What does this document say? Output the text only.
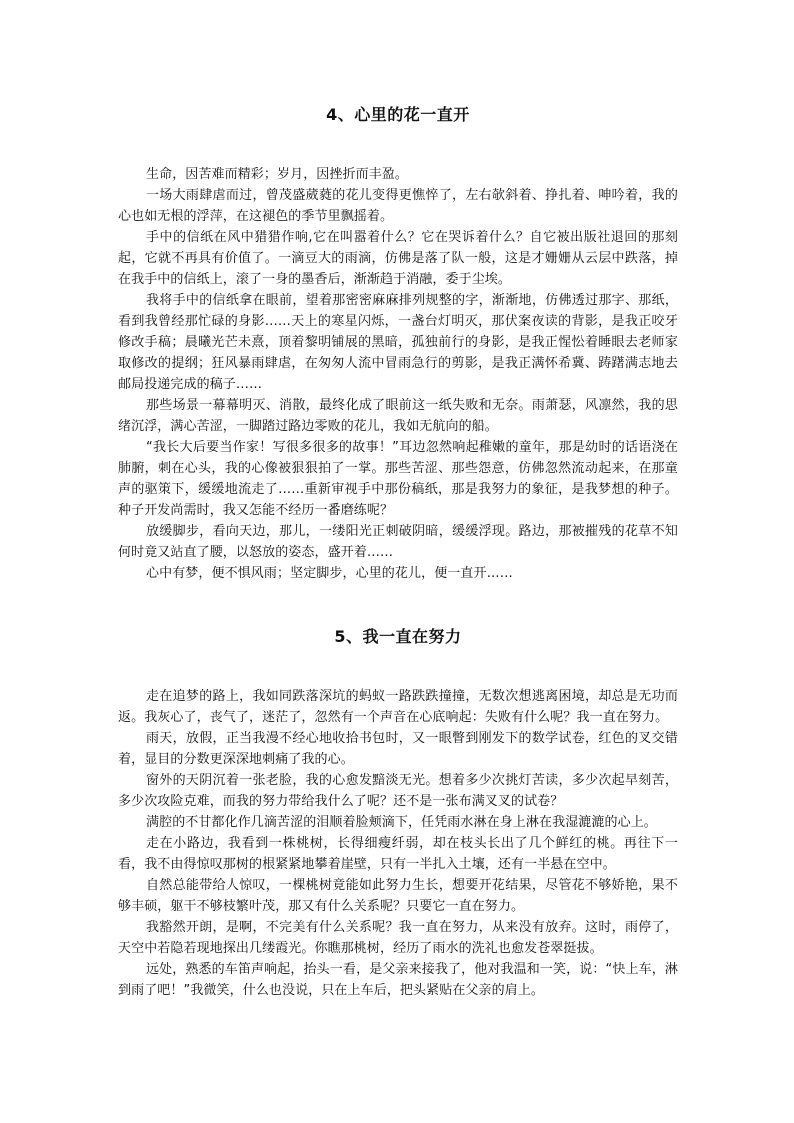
4、心里的花一直开

生命，因苦难而精彩；岁月，因挫折而丰盈。

一场大雨肆虐而过，曾茂盛葳蕤的花儿变得更憔悴了，左右欹斜着、挣扎着、呻吟着，我的心也如无根的浮萍，在这褪色的季节里飘摇着。

手中的信纸在风中猎猎作响,它在叫嚣着什么？它在哭诉着什么？自它被出版社退回的那刻起，它就不再具有价值了。一滴豆大的雨滴，仿佛是落了队一般，这是才姗姗从云层中跌落，掉在我手中的信纸上，滚了一身的墨香后，渐渐趋于消融，委于尘埃。

我将手中的信纸拿在眼前，望着那密密麻麻排列规整的字，渐渐地，仿佛透过那字、那纸，看到我曾经那忙碌的身影……天上的寒星闪烁，一盏台灯明灭，那伏案夜读的背影，是我正咬牙修改手稿；晨曦光芒未熹，顶着黎明铺展的黑暗，孤独前行的身影，是我正惺忪着睡眼去老师家取修改的提纲；狂风暴雨肆虐，在匆匆人流中冒雨急行的剪影，是我正满怀希冀、踌躇满志地去邮局投递完成的稿子……

那些场景一幕幕明灭、消散，最终化成了眼前这一纸失败和无奈。雨萧瑟，风凛然，我的思绪沉浮，满心苦涩，一脚踏过路边零败的花儿，我如无航向的船。

“我长大后要当作家！写很多很多的故事！”耳边忽然响起稚嫩的童年，那是幼时的话语浇在肺腑，刺在心头，我的心像被狠狠拍了一掌。那些苦涩、那些怨意，仿佛忽然流动起来，在那童声的驱策下，缓缓地流走了……重新审视手中那份稿纸，那是我努力的象征，是我梦想的种子。种子开发尚需时，我又怎能不经历一番磨练呢？

放缓脚步，看向天边，那儿，一缕阳光正刺破阴暗，缓缓浮现。路边，那被摧残的花草不知何时竟又站直了腰，以怒放的姿态，盛开着……

心中有梦，便不惧风雨；坚定脚步，心里的花儿，便一直开……

5、我一直在努力

走在追梦的路上，我如同跌落深坑的蚂蚁一路跌跌撞撞，无数次想逃离困境，却总是无功而返。我灰心了，丧气了，迷茫了，忽然有一个声音在心底响起：失败有什么呢？我一直在努力。

雨天，放假，正当我漫不经心地收拾书包时，又一眼瞥到刚发下的数学试卷，红色的叉交错着，显目的分数更深深地刺痛了我的心。

窗外的天阴沉着一张老脸，我的心愈发黯淡无光。想着多少次挑灯苦读，多少次起早刻苦，多少次攻险克难，而我的努力带给我什么了呢？还不是一张布满叉叉的试卷？

满腔的不甘都化作几滴苦涩的泪顺着脸颊滴下，任凭雨水淋在身上淋在我湿漉漉的心上。

走在小路边，我看到一株桃树，长得细瘦纤弱，却在枝头长出了几个鲜红的桃。再往下一看，我不由得惊叹那树的根紧紧地攀着崖壁，只有一半扎入土壤，还有一半悬在空中。

自然总能带给人惊叹，一棵桃树竟能如此努力生长，想要开花结果，尽管花不够娇艳，果不够丰硕，躯干不够枝繁叶茂，那又有什么关系呢？只要它一直在努力。

我豁然开朗，是啊，不完美有什么关系呢？我一直在努力，从来没有放弃。这时，雨停了，天空中若隐若现地探出几缕霞光。你瞧那桃树，经历了雨水的洗礼也愈发苍翠挺拔。

远处，熟悉的车笛声响起，抬头一看，是父亲来接我了，他对我温和一笑，说：“快上车，淋到雨了吧！”我微笑，什么也没说，只在上车后，把头紧贴在父亲的肩上。
